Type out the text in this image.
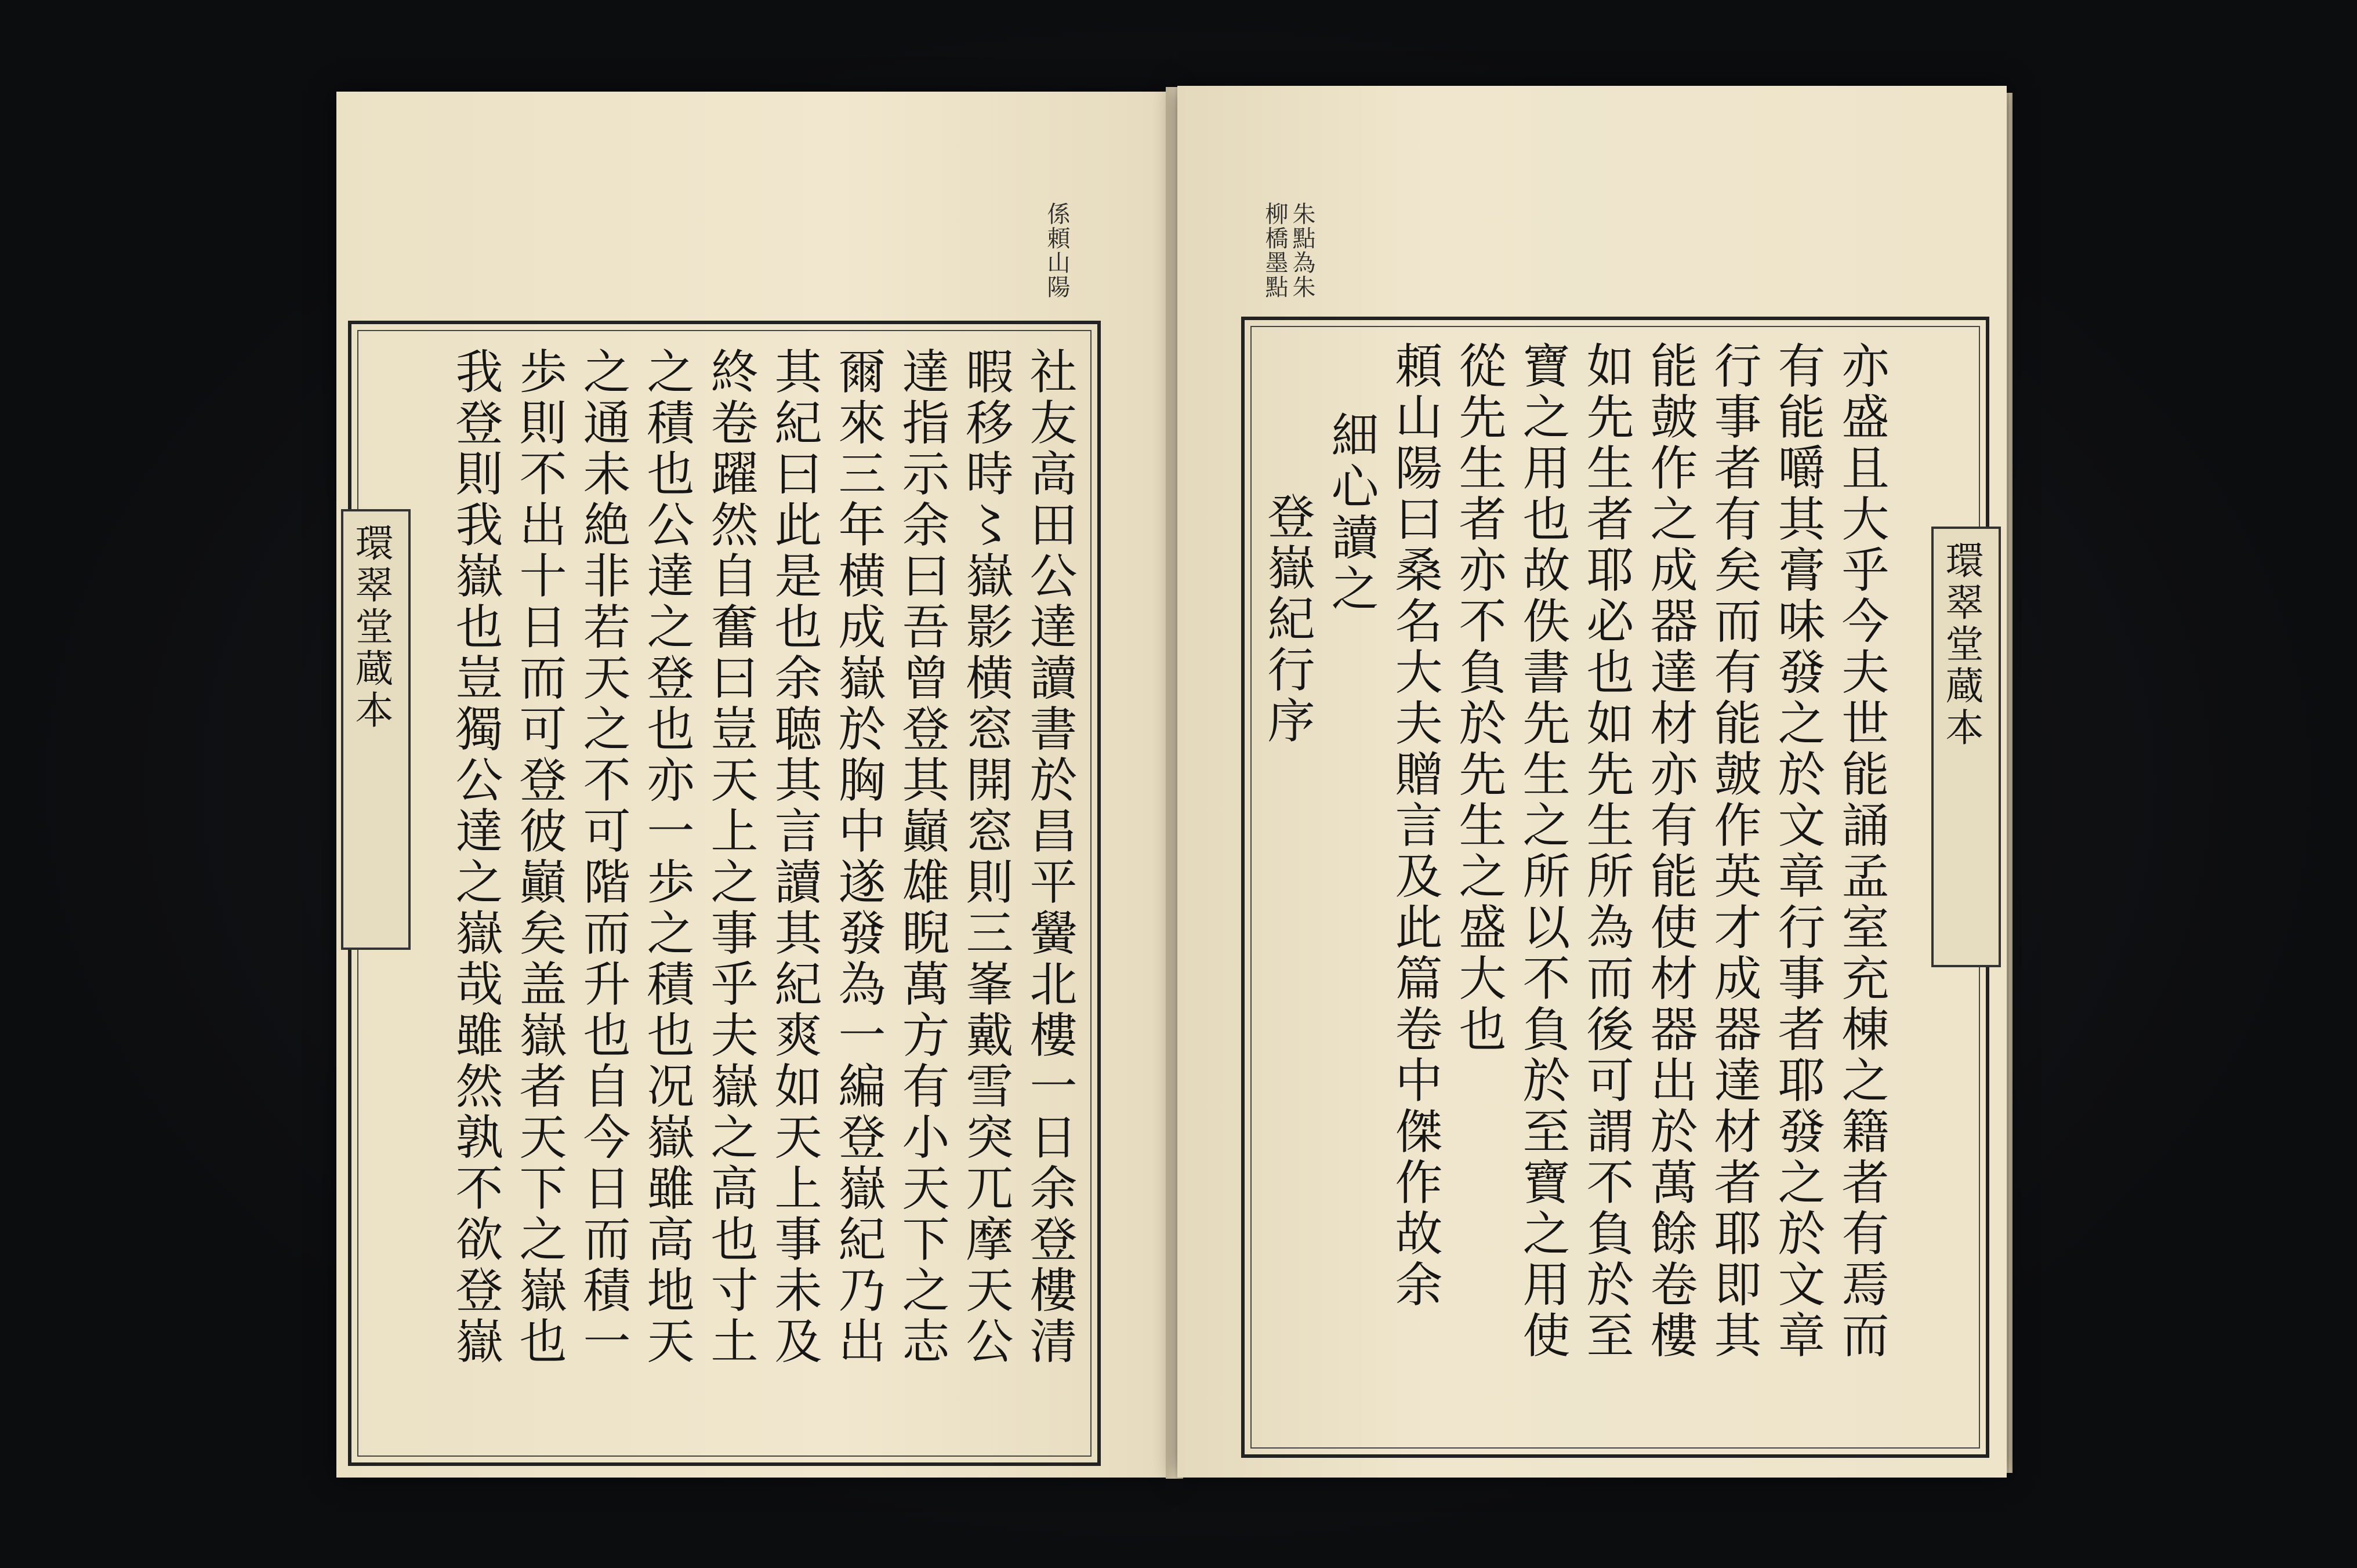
係頼山陽
環翠堂蔵本	社友高田公達讀書於昌平黌北樓一日余登樓清
暇移時〻嶽影横窓開窓則三峯戴雪突兀摩天公
達指示余曰吾曾登其巓雄睨萬方有小天下之志
爾來三年横成嶽於胸中遂發為一編登嶽紀乃出
其紀曰此是也余聴其言讀其紀爽如天上事未及
終卷躍然自奮曰豈天上之事乎夫嶽之高也寸土
之積也公達之登也亦一歩之積也况嶽雖高地天
之通未絶非若天之不可階而升也自今日而積一
歩則不出十日而可登彼巓矣盖嶽者天下之嶽也
我登則我嶽也豈獨公達之嶽哉雖然孰不欲登嶽
朱點為朱
柳橋墨點
環翠堂蔵本
亦盛且大乎今夫世能誦孟室充棟之籍者有焉而
有能嚼其膏味發之於文章行事者耶發之於文章
行事者有矣而有能皷作英才成器達材者耶即其
能皷作之成器達材亦有能使材器出於萬餘卷樓
如先生者耶必也如先生所為而後可謂不負於至
寶之用也故佚書先生之所以不負於至寶之用使
從先生者亦不負於先生之盛大也
頼山陽曰桑名大夫贈言及此篇卷中傑作故余
細心讀之
登嶽紀行序
